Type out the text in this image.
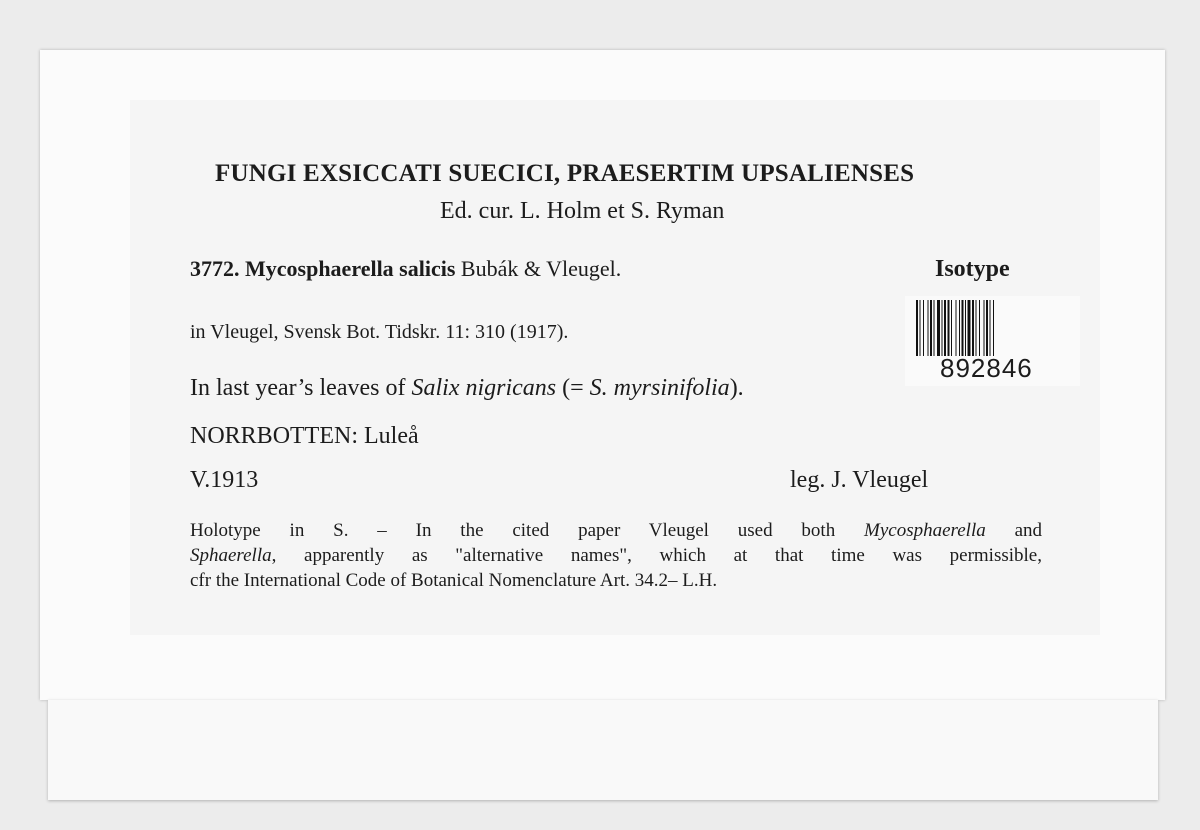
FUNGI EXSICCATI SUECICI, PRAESERTIM UPSALIENSES
Ed. cur. L. Holm et S. Ryman
3772. Mycosphaerella salicis Bubák & Vleugel.	Isotype
892846
in Vleugel, Svensk Bot. Tidskr. 11: 310 (1917).
In last year’s leaves of Salix nigricans (= S. myrsinifolia).
NORRBOTTEN: Luleå
V.1913	leg. J. Vleugel
Holotype in S. – In the cited paper Vleugel used both Mycosphaerella and
Sphaerella, apparently as "alternative names", which at that time was permissible,
cfr the International Code of Botanical Nomenclature Art. 34.2– L.H.
